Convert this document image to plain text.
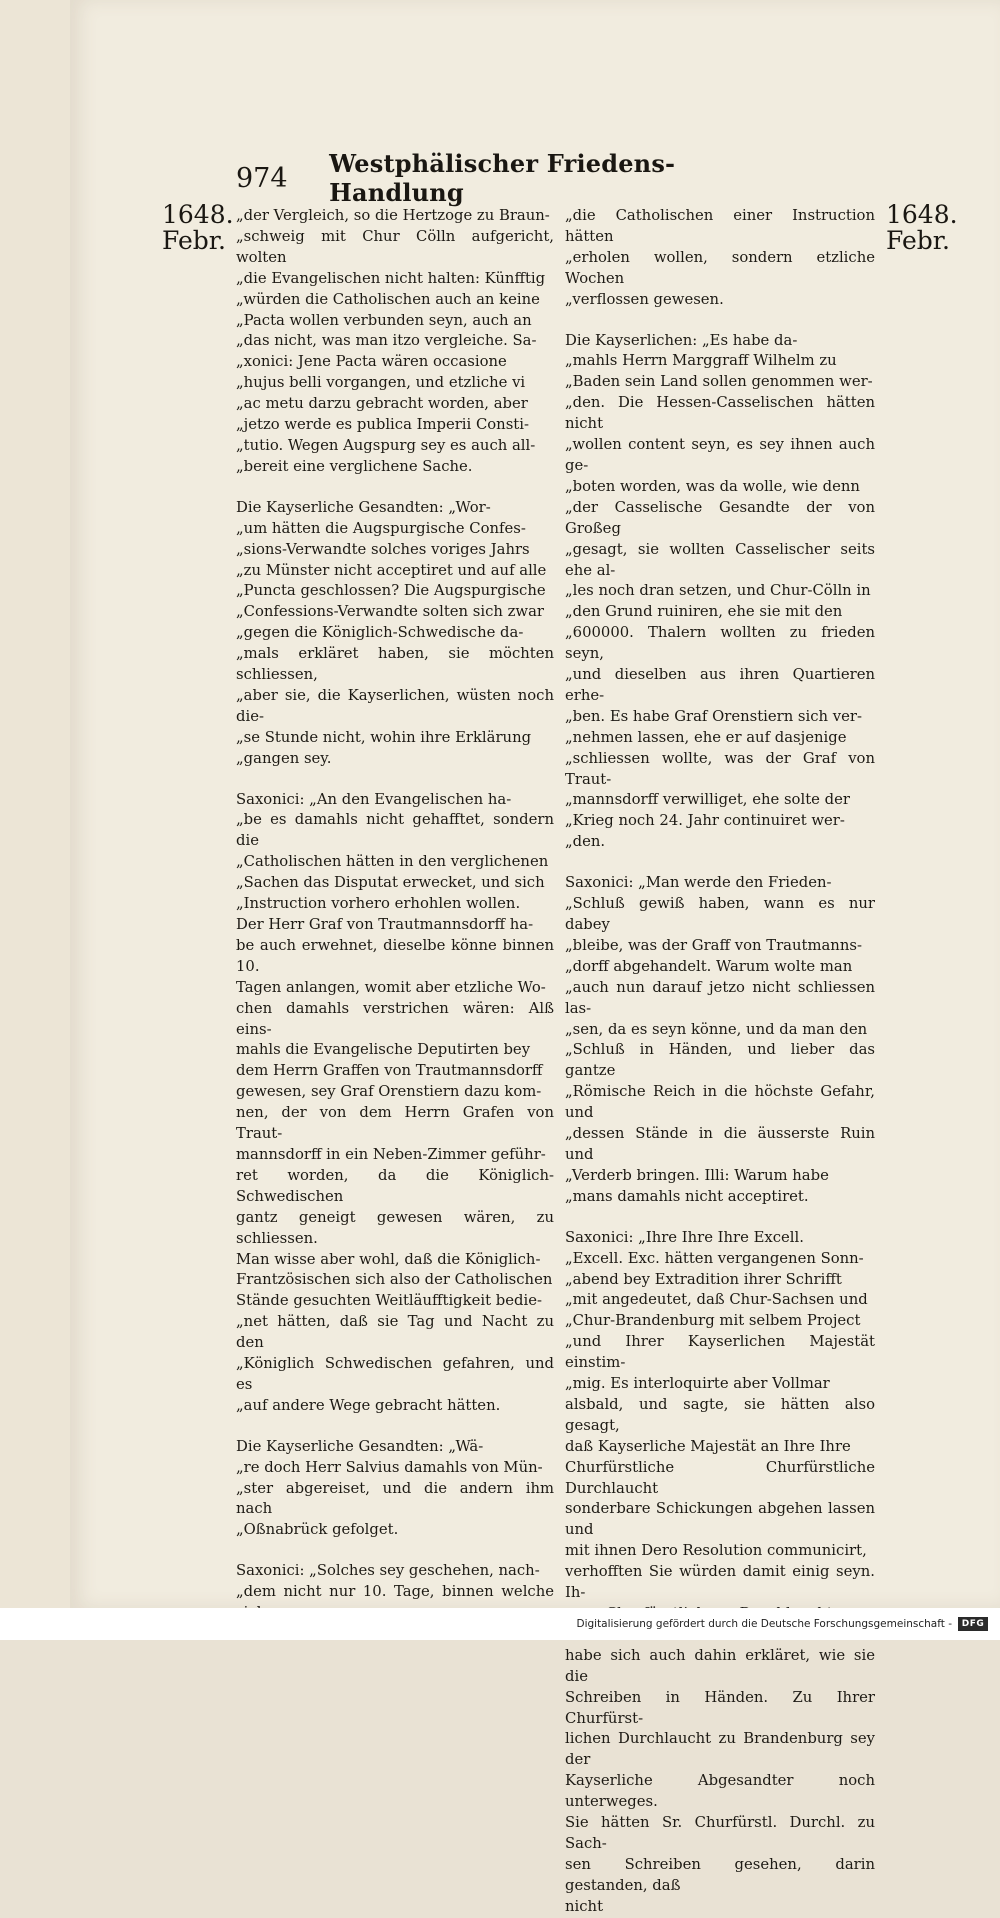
974	Westphälischer Friedens-Handlung
1648.
Febr.
1648.
Febr.

„der Vergleich, so die Hertzoge zu Braun-
„schweig mit Chur Cölln aufgericht, wolten
„die Evangelischen nicht halten: Künfftig
„würden die Catholischen auch an keine
„Pacta wollen verbunden seyn, auch an
„das nicht, was man itzo vergleiche. Sa-
„xonici: Jene Pacta wären occasione
„hujus belli vorgangen, und etzliche vi
„ac metu darzu gebracht worden, aber
„jetzo werde es publica Imperii Consti-
„tutio. Wegen Augspurg sey es auch all-
„bereit eine verglichene Sache.

Die Kayserliche Gesandten: „Wor-
„um hätten die Augspurgische Confes-
„sions-Verwandte solches voriges Jahrs
„zu Münster nicht acceptiret und auf alle
„Puncta geschlossen? Die Augspurgische
„Confessions-Verwandte solten sich zwar
„gegen die Königlich-Schwedische da-
„mals erkläret haben, sie möchten schliessen,
„aber sie, die Kayserlichen, wüsten noch die-
„se Stunde nicht, wohin ihre Erklärung
„gangen sey.

Saxonici: „An den Evangelischen ha-
„be es damahls nicht gehafftet, sondern die
„Catholischen hätten in den verglichenen
„Sachen das Disputat erwecket, und sich
„Instruction vorhero erhohlen wollen.
Der Herr Graf von Trautmannsdorff ha-
be auch erwehnet, dieselbe könne binnen 10.
Tagen anlangen, womit aber etzliche Wo-
chen damahls verstrichen wären: Alß eins-
mahls die Evangelische Deputirten bey
dem Herrn Graffen von Trautmannsdorff
gewesen, sey Graf Orenstiern dazu kom-
nen, der von dem Herrn Grafen von Traut-
mannsdorff in ein Neben-Zimmer geführ-
ret worden, da die Königlich-Schwedischen
gantz geneigt gewesen wären, zu schliessen.
Man wisse aber wohl, daß die Königlich-
Frantzösischen sich also der Catholischen
Stände gesuchten Weitläufftigkeit bedie-
„net hätten, daß sie Tag und Nacht zu den
„Königlich Schwedischen gefahren, und es
„auf andere Wege gebracht hätten.

Die Kayserliche Gesandten: „Wä-
„re doch Herr Salvius damahls von Mün-
„ster abgereiset, und die andern ihm nach
„Oßnabrück gefolget.

Saxonici: „Solches sey geschehen, nach-
„dem nicht nur 10. Tage, binnen welche

„die Catholischen einer Instruction hätten
„erholen wollen, sondern etzliche Wochen
„verflossen gewesen.

Die Kayserlichen: „Es habe da-
„mahls Herrn Marggraff Wilhelm zu
„Baden sein Land sollen genommen wer-
„den. Die Hessen-Casselischen hätten nicht
„wollen content seyn, es sey ihnen auch ge-
„boten worden, was da wolle, wie denn
„der Casselische Gesandte der von Großeg
„gesagt, sie wollten Casselischer seits ehe al-
„les noch dran setzen, und Chur-Cölln in
„den Grund ruiniren, ehe sie mit den
„600000. Thalern wollten zu frieden seyn,
„und dieselben aus ihren Quartieren erhe-
„ben. Es habe Graf Orenstiern sich ver-
„nehmen lassen, ehe er auf dasjenige
„schliessen wollte, was der Graf von Traut-
„mannsdorff verwilliget, ehe solte der
„Krieg noch 24. Jahr continuiret wer-
„den.

Saxonici: „Man werde den Frieden-
„Schluß gewiß haben, wann es nur dabey
„bleibe, was der Graff von Trautmanns-
„dorff abgehandelt. Warum wolte man
„auch nun darauf jetzo nicht schliessen las-
„sen, da es seyn könne, und da man den
„Schluß in Händen, und lieber das gantze
„Römische Reich in die höchste Gefahr, und
„dessen Stände in die äusserste Ruin und
„Verderb bringen. Illi: Warum habe
„mans damahls nicht acceptiret.

Saxonici: „Ihre Ihre Ihre Excell.
„Excell. Exc. hätten vergangenen Sonn-
„abend bey Extradition ihrer Schrifft
„mit angedeutet, daß Chur-Sachsen und
„Chur-Brandenburg mit selbem Project
„und Ihrer Kayserlichen Majestät einstim-
„mig. Es interloquirte aber Vollmar
alsbald, und sagte, sie hätten also gesagt,
daß Kayserliche Majestät an Ihre Ihre
Churfürstliche Churfürstliche Durchlaucht
sonderbare Schickungen abgehen lassen und
mit ihnen Dero Resolution communicirt,
verhofften Sie würden damit einig seyn. Ih-

habe sich auch dahin erkläret, wie sie die
Schreiben in Händen. Zu Ihrer Churfürst-
lichen Durchlaucht zu Brandenburg sey der
Kayserliche Abgesandter noch unterweges.
Sie hätten Sr. Churfürstl. Durchl. zu Sach-
sen Schreiben gesehen, darin gestanden, daß
nicht

Digitalisierung gefördert durch die Deutsche Forschungsgemeinschaft -	DFG
